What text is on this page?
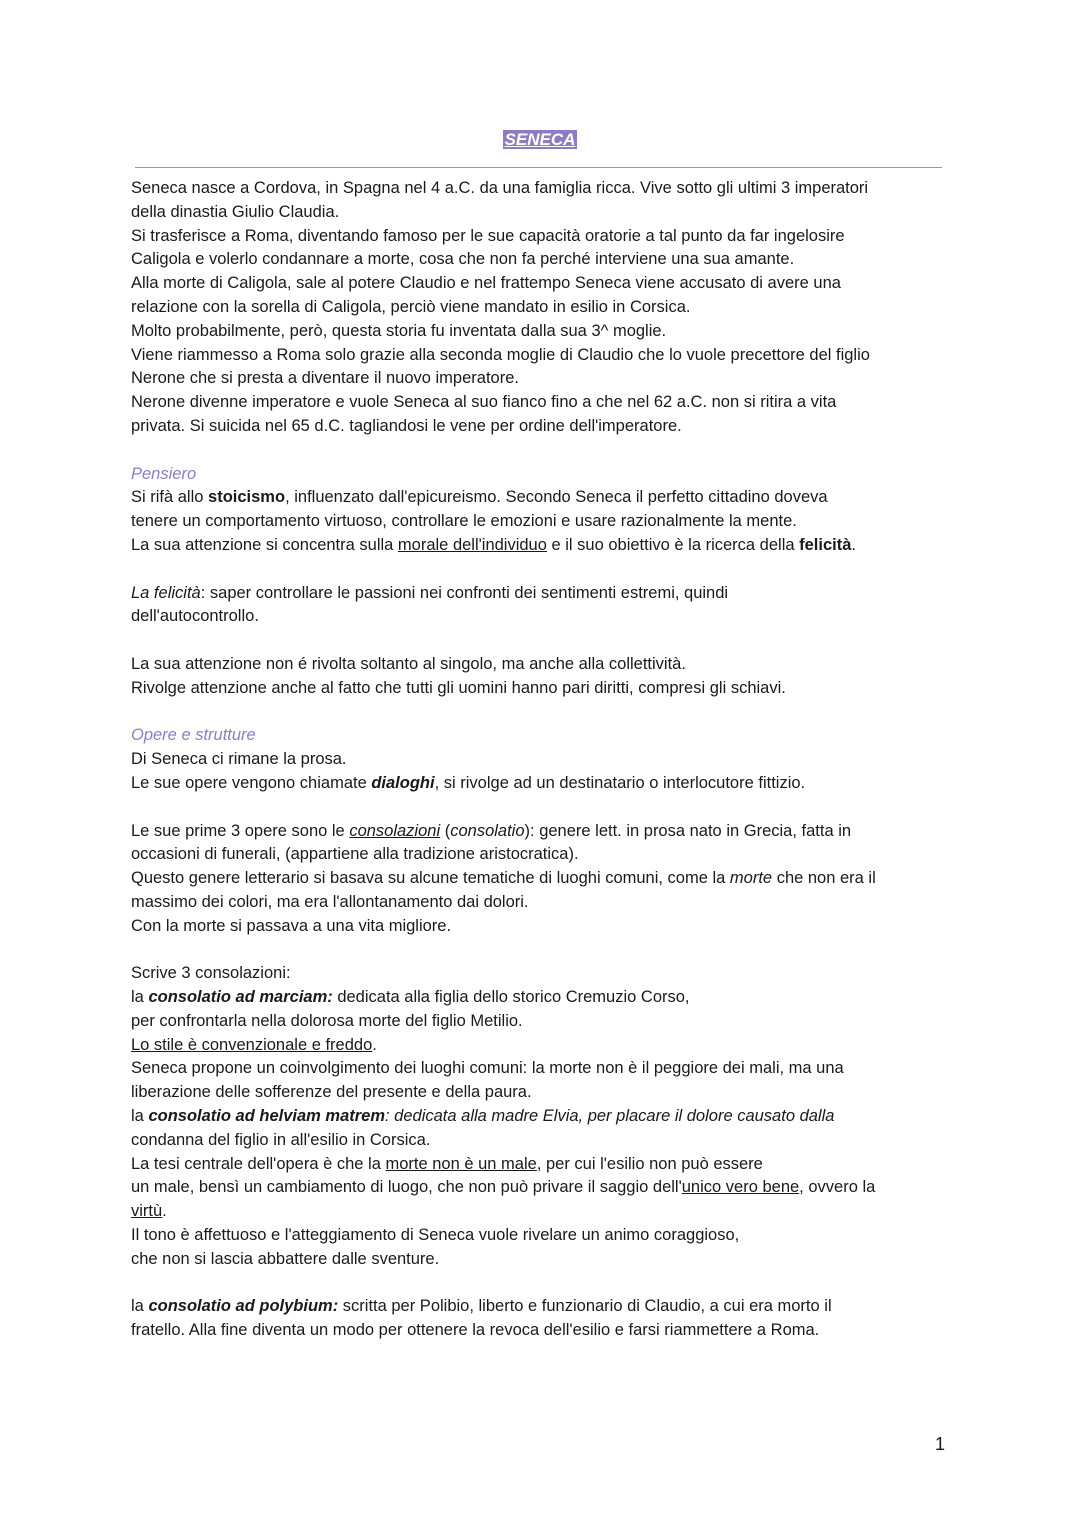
SENECA

Seneca nasce a Cordova, in Spagna nel 4 a.C. da una famiglia ricca. Vive sotto gli ultimi 3 imperatori

della dinastia Giulio Claudia.

Si trasferisce a Roma, diventando famoso per le sue capacità oratorie a tal punto da far ingelosire

Caligola e volerlo condannare a morte, cosa che non fa perché interviene una sua amante.

Alla morte di Caligola, sale al potere Claudio e nel frattempo Seneca viene accusato di avere una

relazione con la sorella di Caligola, perciò viene mandato in esilio in Corsica.

Molto probabilmente, però, questa storia fu inventata dalla sua 3^ moglie.

Viene riammesso a Roma solo grazie alla seconda moglie di Claudio che lo vuole precettore del figlio

Nerone che si presta a diventare il nuovo imperatore.

Nerone divenne imperatore e vuole Seneca al suo fianco fino a che nel 62 a.C. non si ritira a vita

privata. Si suicida nel 65 d.C. tagliandosi le vene per ordine dell'imperatore.

Pensiero

Si rifà allo stoicismo, influenzato dall'epicureismo. Secondo Seneca il perfetto cittadino doveva

tenere un comportamento virtuoso, controllare le emozioni e usare razionalmente la mente.

La sua attenzione si concentra sulla morale dell'individuo e il suo obiettivo è la ricerca della felicità.

La felicità: saper controllare le passioni nei confronti dei sentimenti estremi, quindi

dell'autocontrollo.

La sua attenzione non é rivolta soltanto al singolo, ma anche alla collettività.

Rivolge attenzione anche al fatto che tutti gli uomini hanno pari diritti, compresi gli schiavi.

Opere e strutture

Di Seneca ci rimane la prosa.

Le sue opere vengono chiamate dialoghi, si rivolge ad un destinatario o interlocutore fittizio.

Le sue prime 3 opere sono le consolazioni (consolatio): genere lett. in prosa nato in Grecia, fatta in

occasioni di funerali, (appartiene alla tradizione aristocratica).

Questo genere letterario si basava su alcune tematiche di luoghi comuni, come la morte che non era il

massimo dei colori, ma era l'allontanamento dai dolori.

Con la morte si passava a una vita migliore.

Scrive 3 consolazioni:

la consolatio ad marciam: dedicata alla figlia dello storico Cremuzio Corso,

per confrontarla nella dolorosa morte del figlio Metilio.

Lo stile è convenzionale e freddo.

Seneca propone un coinvolgimento dei luoghi comuni: la morte non è il peggiore dei mali, ma una

liberazione delle sofferenze del presente e della paura.

la consolatio ad helviam matrem: dedicata alla madre Elvia, per placare il dolore causato dalla

condanna del figlio in all'esilio in Corsica.

La tesi centrale dell'opera è che la morte non è un male, per cui l'esilio non può essere

un male, bensì un cambiamento di luogo, che non può privare il saggio dell'unico vero bene, ovvero la

virtù.

Il tono è affettuoso e l'atteggiamento di Seneca vuole rivelare un animo coraggioso,

che non si lascia abbattere dalle sventure.

la consolatio ad polybium: scritta per Polibio, liberto e funzionario di Claudio, a cui era morto il

fratello. Alla fine diventa un modo per ottenere la revoca dell'esilio e farsi riammettere a Roma.

1
